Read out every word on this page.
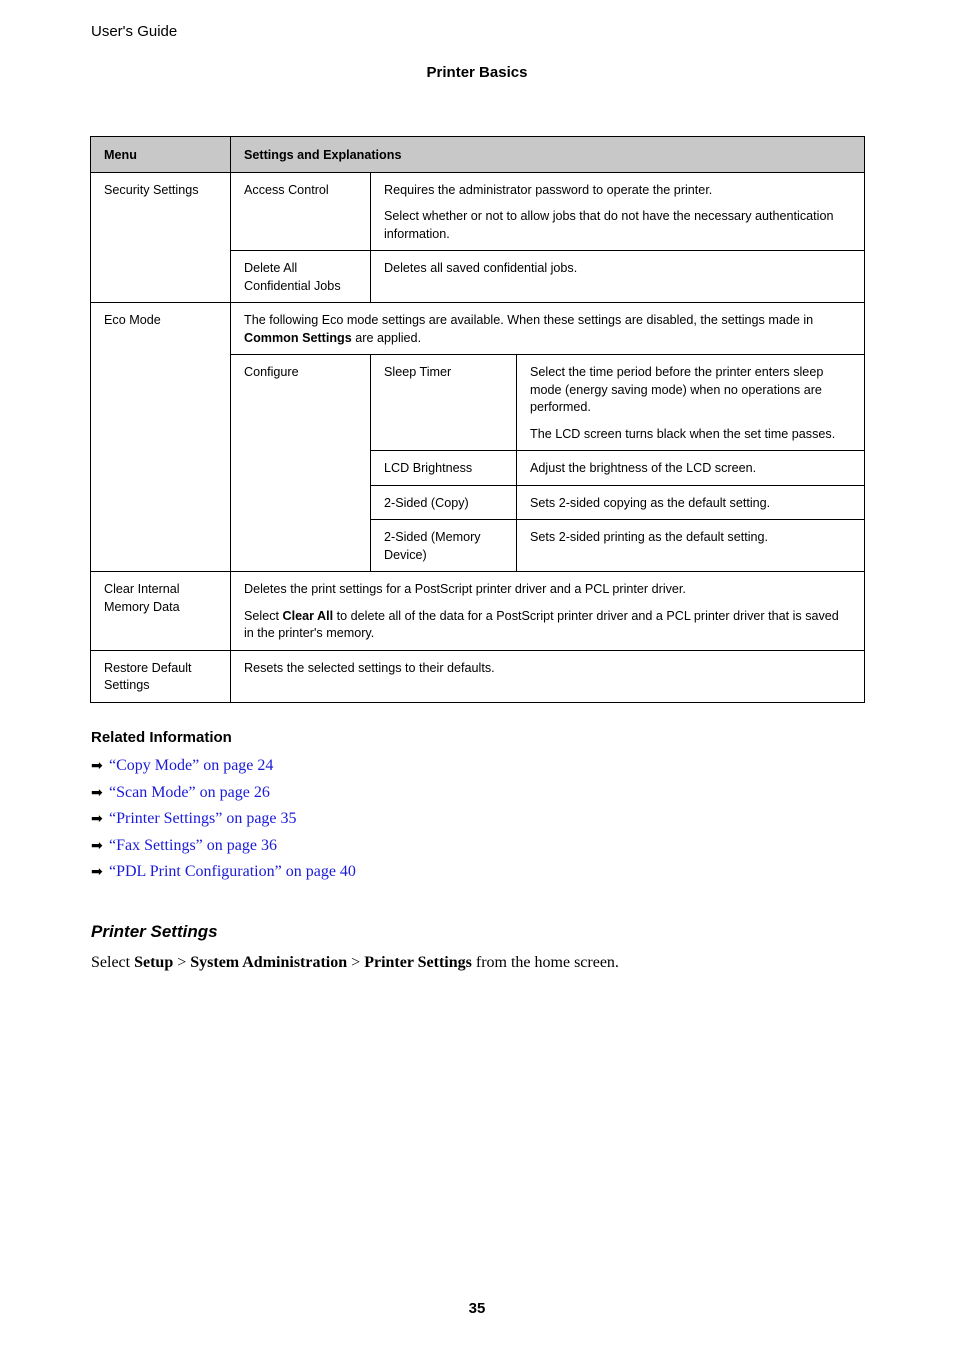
User's Guide
Printer Basics
Menu	Settings and Explanations		
Security Settings	Access Control	Requires the administrator password to operate the printer.

Select whether or not to allow jobs that do not have the necessary authentication information.	

	Delete All Confidential Jobs	Deletes all saved confidential jobs.	
Eco Mode	The following Eco mode settings are available. When these settings are disabled, the settings made in Common Settings are applied.		
	Configure	Sleep Timer	Select the time period before the printer enters sleep mode (energy saving mode) when no operations are performed.

The LCD screen turns black when the set time passes.

		LCD Brightness	Adjust the brightness of the LCD screen.
		2-Sided (Copy)	Sets 2-sided copying as the default setting.
		2-Sided (Memory Device)	Sets 2-sided printing as the default setting.
Clear Internal Memory Data	Deletes the print settings for a PostScript printer driver and a PCL printer driver.

Select Clear All to delete all of the data for a PostScript printer driver and a PCL printer driver that is saved in the printer's memory.		

Restore Default Settings	Resets the selected settings to their defaults.		
Related Information
➡ “Copy Mode” on page 24
➡ “Scan Mode” on page 26
➡ “Printer Settings” on page 35
➡ “Fax Settings” on page 36
➡ “PDL Print Configuration” on page 40
Printer Settings
Select Setup > System Administration > Printer Settings from the home screen.
35
